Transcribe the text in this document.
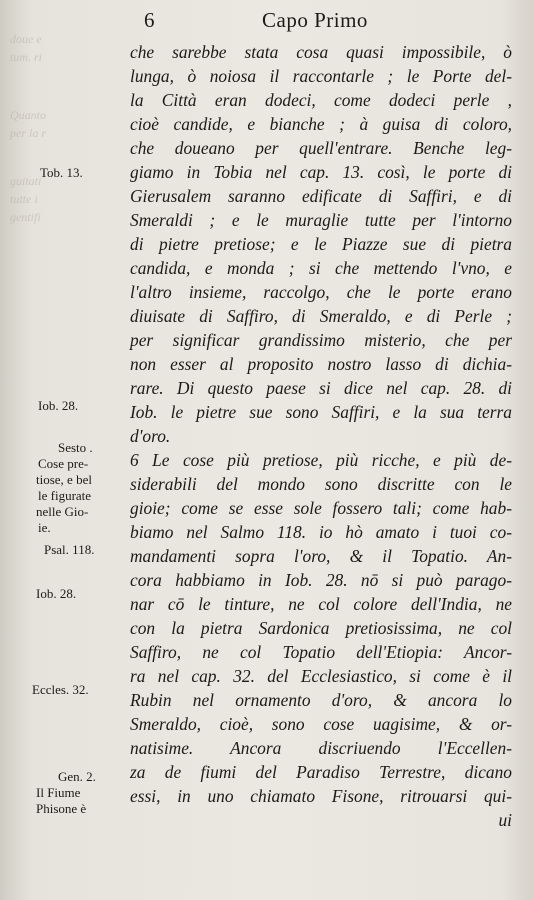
doue e
tum. ri
Quanto
per la r
guitati
tutte i
gentifi
6	Capo Primo
Tob. 13.
Iob. 28.
Sesto .
Cose pre-
tiose, e bel
le figurate
nelle Gio-
ie.
Psal. 118.
Iob. 28.
Eccles. 32.
Gen. 2.
Il Fiume
Phisone è
che sarebbe stata cosa quasi impossibile, ò
lunga, ò noiosa il raccontarle ; le Porte del-
la Città eran dodeci, come dodeci perle ,
cioè candide, e bianche ; à guisa di coloro,
che doueano per quell'entrare. Benche leg-
giamo in Tobia nel cap. 13. così, le porte di
Gierusalem saranno edificate di Saffiri, e di
Smeraldi ; e le muraglie tutte per l'intorno
di pietre pretiose; e le Piazze sue di pietra
candida, e monda ; si che mettendo l'vno, e
l'altro insieme, raccolgo, che le porte erano
diuisate di Saffiro, di Smeraldo, e di Perle ;
per significar grandissimo misterio, che per
non esser al proposito nostro lasso di dichia-
rare. Di questo paese si dice nel cap. 28. di
Iob. le pietre sue sono Saffiri, e la sua terra
d'oro.
6 Le cose più pretiose, più ricche, e più de-
siderabili del mondo sono discritte con le
gioie; come se esse sole fossero tali; come hab-
biamo nel Salmo 118. io hò amato i tuoi co-
mandamenti sopra l'oro, & il Topatio. An-
cora habbiamo in Iob. 28. nō si può parago-
nar cō le tinture, ne col colore dell'India, ne
con la pietra Sardonica pretiosissima, ne col
Saffiro, ne col Topatio dell'Etiopia: Ancor-
ra nel cap. 32. del Ecclesiastico, si come è il
Rubin nel ornamento d'oro, & ancora lo
Smeraldo, cioè, sono cose uagisime, & or-
natisime. Ancora discriuendo l'Eccellen-
za de fiumi del Paradiso Terrestre, dicano
essi, in uno chiamato Fisone, ritrouarsi qui-
ui
